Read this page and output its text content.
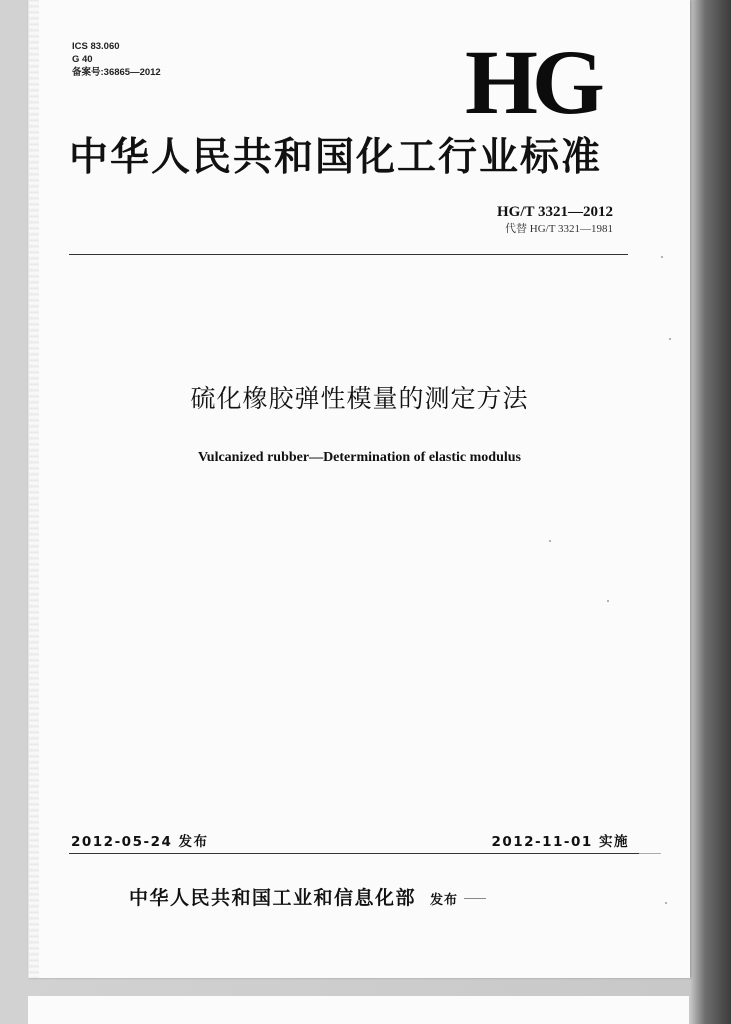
ICS 83.060
G 40
备案号:36865—2012	HG
中华人民共和国化工行业标准
HG/T 3321—2012
代替 HG/T 3321—1981
硫化橡胶弹性模量的测定方法
Vulcanized rubber—Determination of elastic modulus
2012-05-24 发布	2012-11-01 实施
中华人民共和国工业和信息化部 发布
